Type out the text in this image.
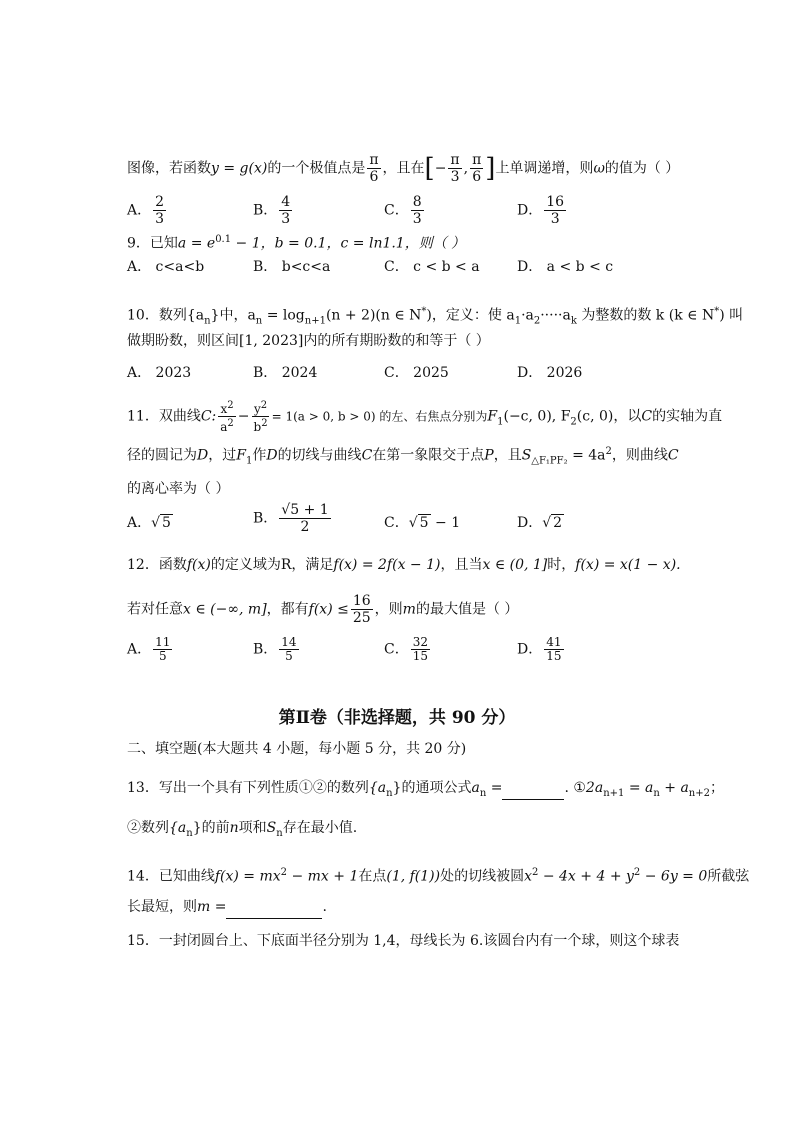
图像，若函数y = g(x)的一个极值点是 $\frac{\pi}{6}$ ，且在[− $\frac{\pi}{3}$ , $\frac{\pi}{6}$ ]上单调递增，则ω的值为（ ）
A． $\frac{2}{3}$	B． $\frac{4}{3}$	C． $\frac{8}{3}$	D． $\frac{16}{3}$
9．已知$a = e^{0.1} - 1$，b = 0.1，c = ln1.1，则（ ）
A． c<a<b	B． b<c<a	C． c < b < a	D． a < b < c
10．数列$\{a_n\}$中，$a_n = \log_{n+1}(n + 2)(n$ ∈ N*)，定义：使 $a_1\cdot a_2\cdot\cdot\cdot\cdot\cdot a_k$ 为整数的数 k (k ∈ N*) 叫
做期盼数，则区间[1, 2023]内的所有期盼数的和等于（ ）
A． 2023	B． 2024	C． 2025	D． 2026
11．双曲线C: $\frac{x^2}{a^2} - \frac{y^2}{b^2} = 1(a > 0$, b > 0) 的左、右焦点分别为$F_1(-c$, 0), $F_2(c$, 0)，以C的实轴为直
径的圆记为D，过$F_1$作D的切线与曲线C在第一象限交于点P，且$S_{\triangle F_1PF_2} = 4a^2$，则曲线C
的离心率为（ ）
A．√ 5	B． $\frac{√5 + 1}{2}$	C．√ 5 − 1	D．√ 2
12．函数f(x)的定义域为R，满足f(x) = 2f(x − 1)，且当x ∈ (0, 1]时，f(x) = x(1 − x).
若对任意x ∈ (−∞, m]，都有$f(x) \le \frac{16}{25}$ ，则m的最大值是（ ）
A． $\frac{11}{5}$	B． $\frac{14}{5}$	C． $\frac{32}{15}$	D． $\frac{41}{15}$
第Ⅱ卷（非选择题，共 90 分）
二、填空题(本大题共 4 小题，每小题 5 分，共 20 分)
13．写出一个具有下列性质①②的数列$\{a_n\}$的通项公式$a_n$ =	. $①2a_{n+1} = a_n + a_{n+2}$；
②数列$\{a_n\}$的前n项和$S_n$存在最小值.
14．已知曲线$f(x) = mx^2$ − mx + 1在点(1, f(1))处的切线被圆$x^2 - 4x + 4 + y^2 - 6y = 0$所截弦
长最短，则m =	.
15．一封闭圆台上、下底面半径分别为 1,4，母线长为 6.该圆台内有一个球，则这个球表
